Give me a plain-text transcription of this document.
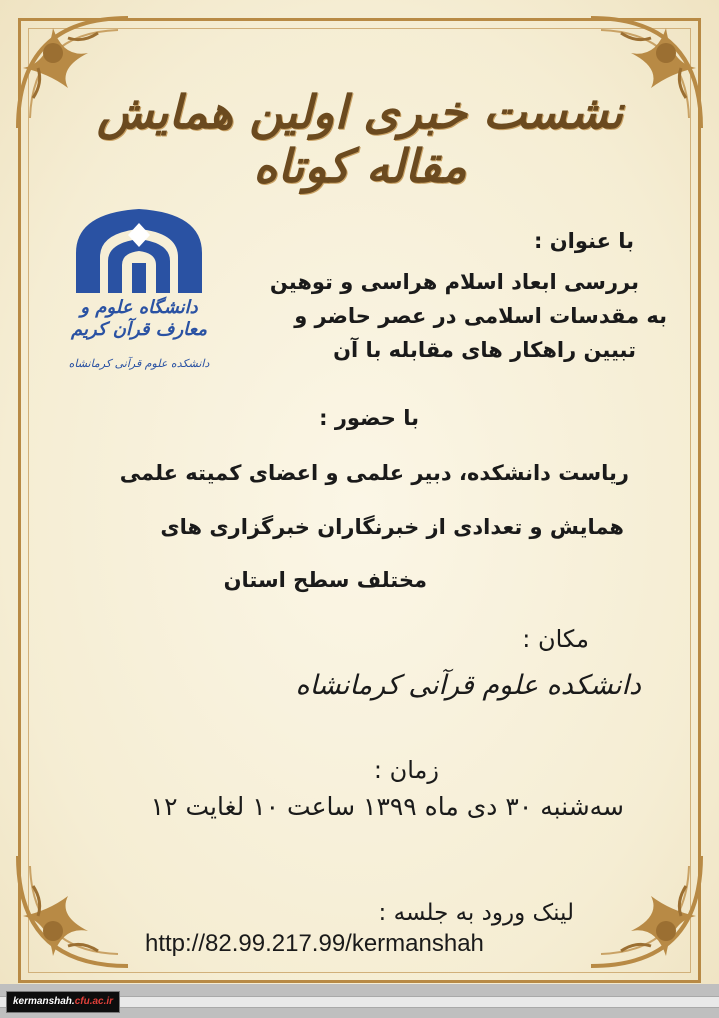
نشست خبری اولین همایش مقاله کوتاه
دانشگاه علوم و
معارف قرآن کریم
دانشکده علوم قرآنی کرمانشاه
با عنوان :
بررسی ابعاد اسلام هراسی و توهین
به مقدسات اسلامی در عصر حاضر و
تبیین راهکار های مقابله با آن
با حضور :
ریاست دانشکده، دبیر علمی و اعضای کمیته علمی
همایش و تعدادی از خبرنگاران خبرگزاری های
مختلف سطح استان
مکان :
دانشکده علوم قرآنی کرمانشاه
زمان :
سه‌شنبه ۳۰ دی ماه ۱۳۹۹ ساعت ۱۰ لغایت ۱۲
لینک ورود به جلسه :
http://82.99.217.99/kermanshah
kermanshah.cfu.ac.ir
